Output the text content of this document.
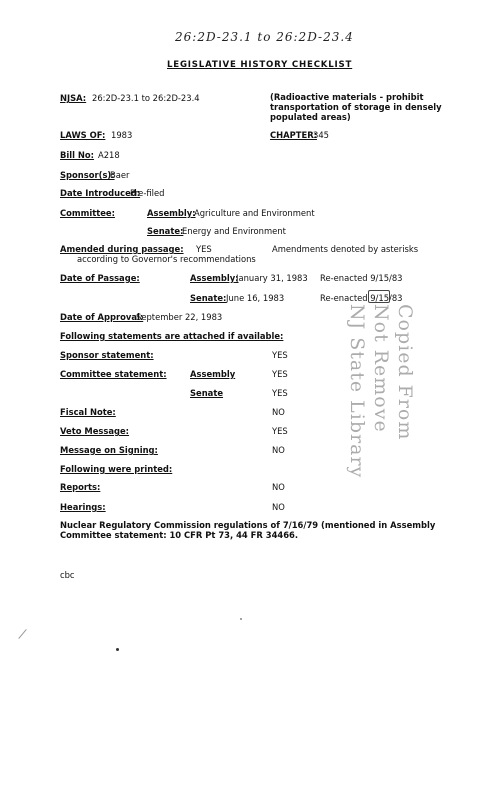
26:2D-23.1 to 26:2D-23.4
LEGISLATIVE HISTORY CHECKLIST
NJSA: 26:2D-23.1 to 26:2D-23.4	(Radioactive materials - prohibit
transportation of storage in densely
populated areas)
LAWS OF: 1983	CHAPTER:
345
Bill No: A218
Sponsor(s):
Baer
Date Introduced:
Pre-filed
Committee:	Assembly:
Agriculture and Environment
Senate:
Energy and Environment
Amended during passage: YES	Amendments denoted by asterisks
according to Governor's recommendations
Date of Passage:	Assembly:
January 31, 1983 Re-enacted 9/15/83
Senate: June 16, 1983	Re-enacted 9/15/83
Date of Approval:
September 22, 1983
Following statements are attached if available:
Sponsor statement:	YES
Committee statement:	Assembly	YES
Senate	YES
Fiscal Note:	NO
Veto Message:	YES
Message on Signing:	NO
Following were printed:
Reports:	NO
Hearings:	NO
Nuclear Regulatory Commission regulations of 7/16/79 (mentioned in Assembly
Committee statement: 10 CFR Pt 73, 44 FR 34466.
cbc
Copied From
Not Remove
NJ State Library
